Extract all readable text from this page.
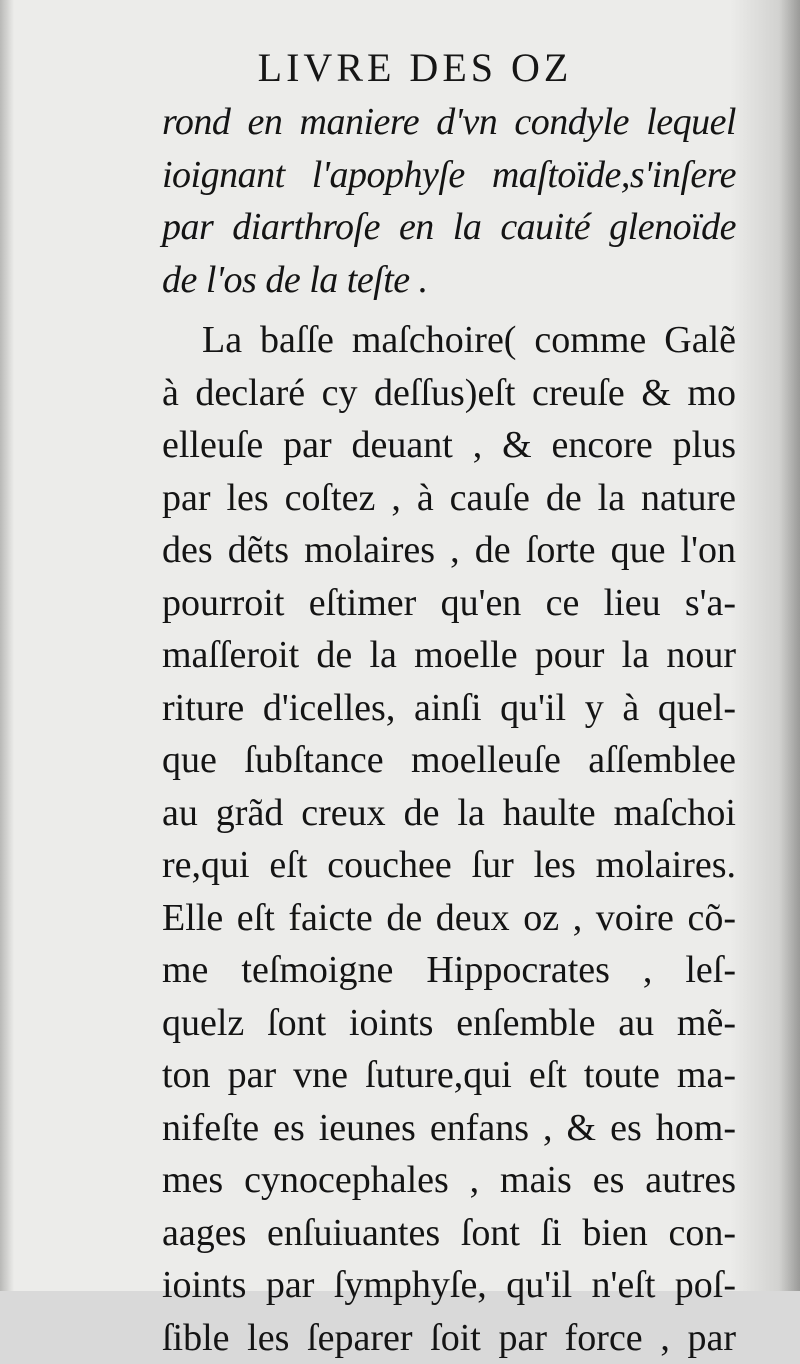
LIVRE DES OZ
rond en maniere d'vn condyle lequel
ioignant l'apophyſe maſtoïde,s'inſere
par diarthroſe en la cauité glenoïde
de l'os de la teſte .
La baſſe maſchoire( comme Galẽ
à declaré cy deſſus)eſt creuſe & mo
elleuſe par deuant , & encore plus
par les coſtez , à cauſe de la nature
des dẽts molaires , de ſorte que l'on
pourroit eſtimer qu'en ce lieu s'a-
maſſeroit de la moelle pour la nour
riture d'icelles, ainſi qu'il y à quel-
que ſubſtance moelleuſe aſſemblee
au grãd creux de la haulte maſchoi
re,qui eſt couchee ſur les molaires.
Elle eſt faicte de deux oz , voire cõ-
me teſmoigne Hippocrates , leſ-
quelz ſont ioints enſemble au mẽ-
ton par vne ſuture,qui eſt toute ma-
nifeſte es ieunes enfans , & es hom-
mes cynocephales , mais es autres
aages enſuiuantes ſont ſi bien con-
ioints par ſymphyſe, qu'il n'eſt poſ-
ſible les ſeparer ſoit par force , par
